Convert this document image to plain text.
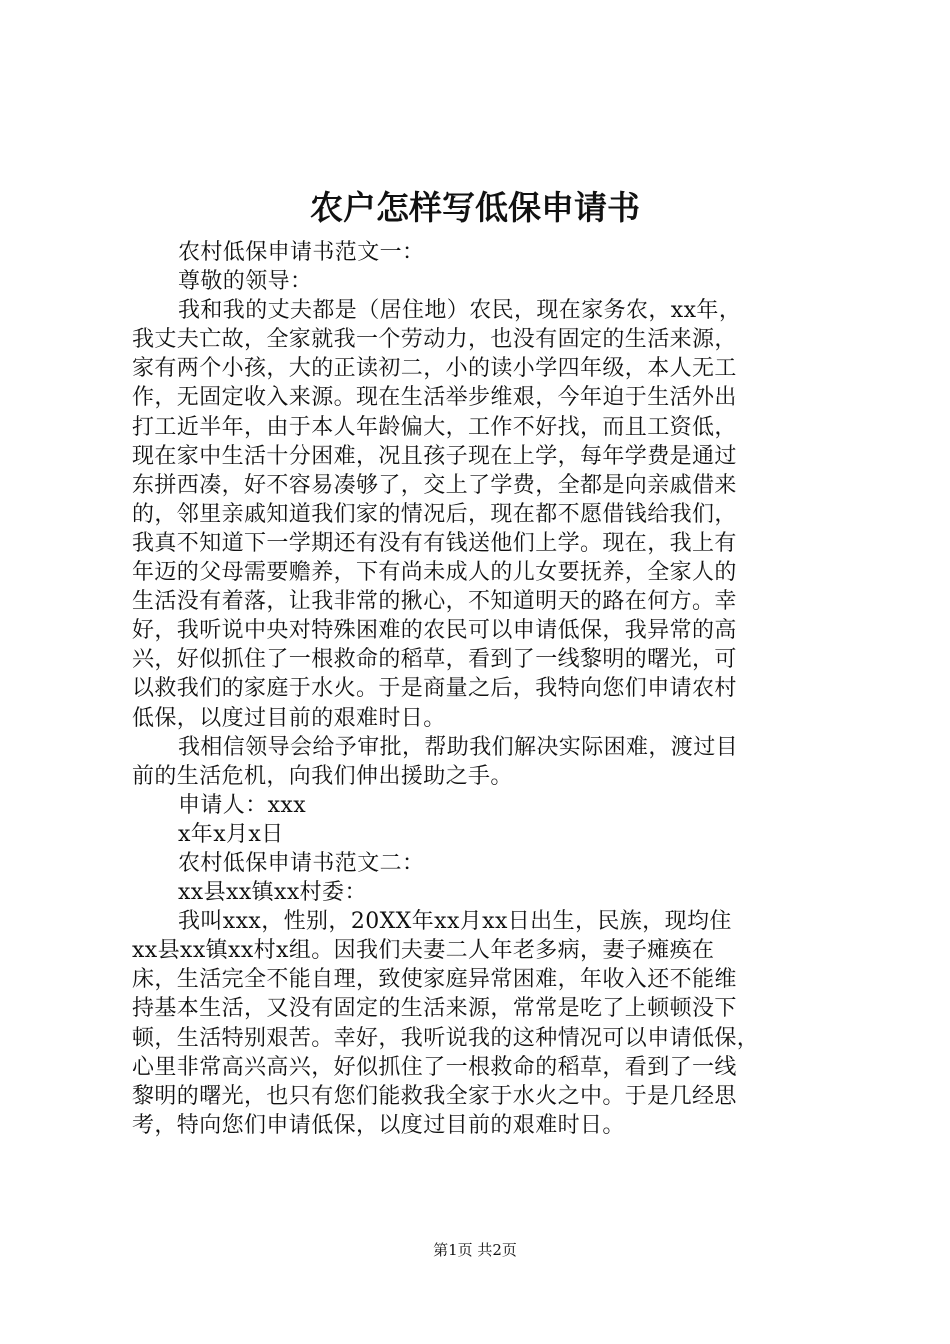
农户怎样写低保申请书
农村低保申请书范文一：
尊敬的领导：
我和我的丈夫都是（居住地）农民，现在家务农，xx年，
我丈夫亡故，全家就我一个劳动力，也没有固定的生活来源，
家有两个小孩，大的正读初二，小的读小学四年级，本人无工
作，无固定收入来源。现在生活举步维艰，今年迫于生活外出
打工近半年，由于本人年龄偏大，工作不好找，而且工资低，
现在家中生活十分困难，况且孩子现在上学，每年学费是通过
东拼西凑，好不容易凑够了，交上了学费，全都是向亲戚借来
的，邻里亲戚知道我们家的情况后，现在都不愿借钱给我们，
我真不知道下一学期还有没有有钱送他们上学。现在，我上有
年迈的父母需要赡养，下有尚未成人的儿女要抚养，全家人的
生活没有着落，让我非常的揪心，不知道明天的路在何方。幸
好，我听说中央对特殊困难的农民可以申请低保，我异常的高
兴，好似抓住了一根救命的稻草，看到了一线黎明的曙光，可
以救我们的家庭于水火。于是商量之后，我特向您们申请农村
低保，以度过目前的艰难时日。
我相信领导会给予审批，帮助我们解决实际困难，渡过目
前的生活危机，向我们伸出援助之手。
申请人：xxx
x年x月x日
农村低保申请书范文二：
xx县xx镇xx村委：
我叫xxx，性别，20XX年xx月xx日出生，民族，现均住
xx县xx镇xx村x组。因我们夫妻二人年老多病，妻子瘫痪在
床，生活完全不能自理，致使家庭异常困难，年收入还不能维
持基本生活，又没有固定的生活来源，常常是吃了上顿顿没下
顿，生活特别艰苦。幸好，我听说我的这种情况可以申请低保，
心里非常高兴高兴，好似抓住了一根救命的稻草，看到了一线
黎明的曙光，也只有您们能救我全家于水火之中。于是几经思
考，特向您们申请低保，以度过目前的艰难时日。
第1页 共2页
